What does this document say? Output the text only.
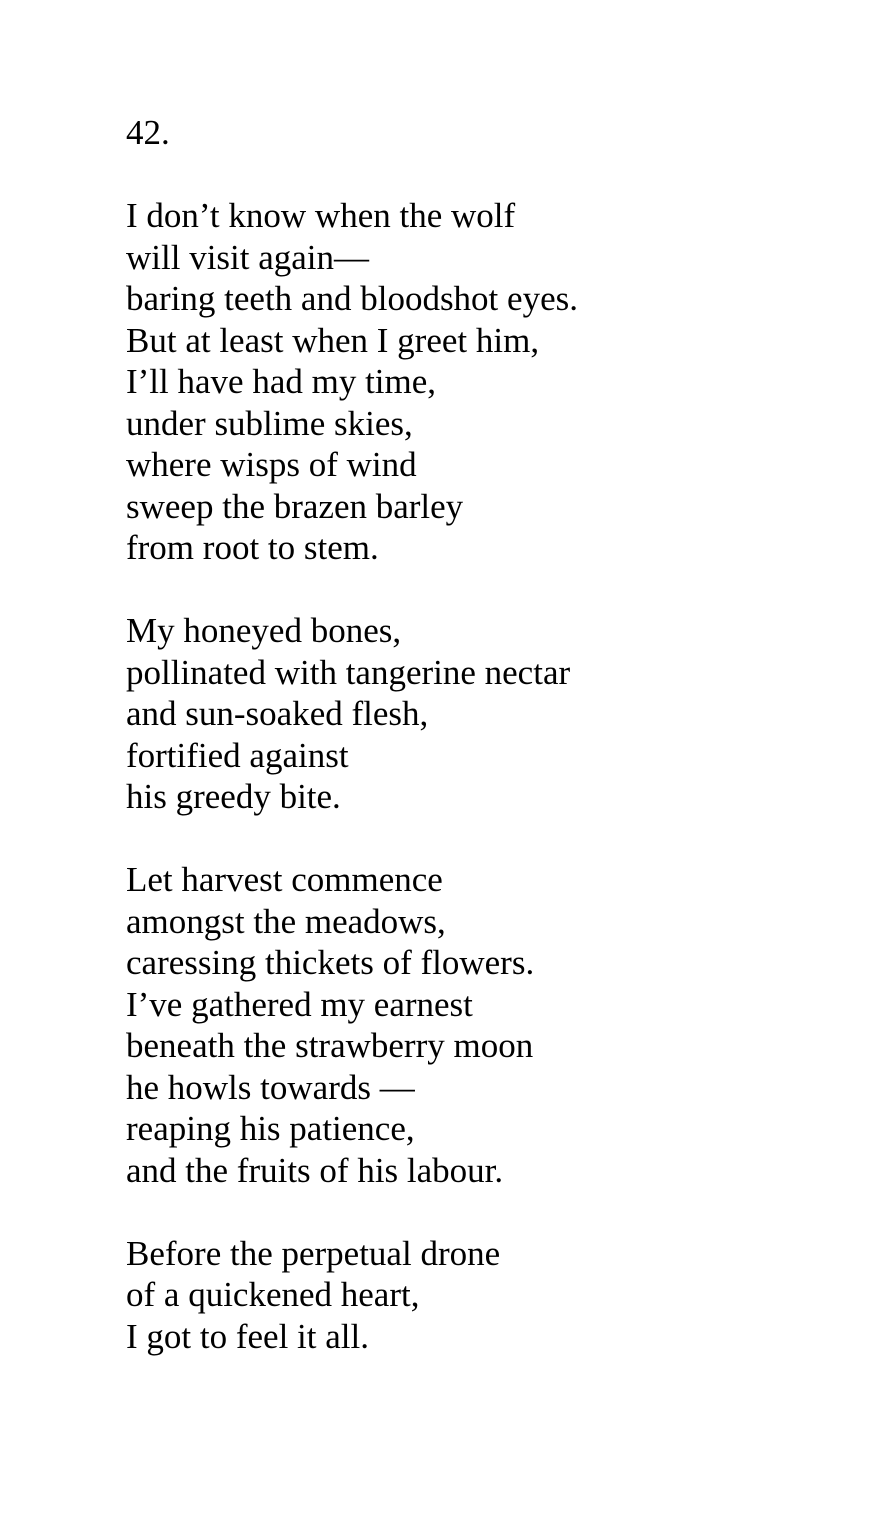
42.

I don’t know when the wolf
will visit again—
baring teeth and bloodshot eyes.
But at least when I greet him,
I’ll have had my time,
under sublime skies,
where wisps of wind
sweep the brazen barley
from root to stem.

My honeyed bones,
pollinated with tangerine nectar
and sun-soaked flesh,
fortified against
his greedy bite.

Let harvest commence
amongst the meadows,
caressing thickets of flowers.
I’ve gathered my earnest
beneath the strawberry moon
he howls towards —
reaping his patience,
and the fruits of his labour.

Before the perpetual drone
of a quickened heart,
I got to feel it all.
